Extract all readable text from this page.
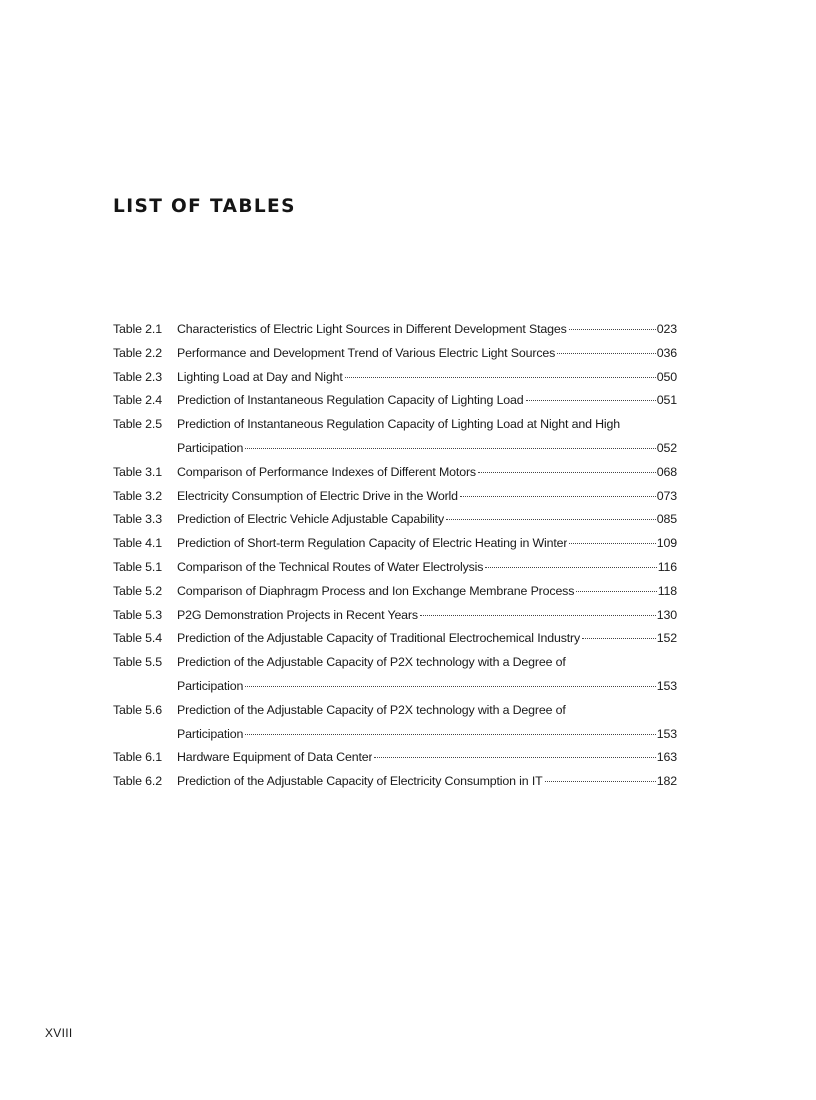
LIST OF TABLES
Table 2.1	Characteristics of Electric Light Sources in Different Development Stages	023
Table 2.2	Performance and Development Trend of Various Electric Light Sources	036
Table 2.3	Lighting Load at Day and Night	050
Table 2.4	Prediction of Instantaneous Regulation Capacity of Lighting Load	051
Table 2.5	Prediction of Instantaneous Regulation Capacity of Lighting Load at Night and High
Participation	052
Table 3.1	Comparison of Performance Indexes of Different Motors	068
Table 3.2	Electricity Consumption of Electric Drive in the World	073
Table 3.3	Prediction of Electric Vehicle Adjustable Capability	085
Table 4.1	Prediction of Short-term Regulation Capacity of Electric Heating in Winter	109
Table 5.1	Comparison of the Technical Routes of Water Electrolysis	116
Table 5.2	Comparison of Diaphragm Process and Ion Exchange Membrane Process	118
Table 5.3	P2G Demonstration Projects in Recent Years	130
Table 5.4	Prediction of the Adjustable Capacity of Traditional Electrochemical Industry	152
Table 5.5	Prediction of the Adjustable Capacity of P2X technology with a Degree of
Participation	153
Table 5.6	Prediction of the Adjustable Capacity of P2X technology with a Degree of
Participation	153
Table 6.1	Hardware Equipment of Data Center	163
Table 6.2	Prediction of the Adjustable Capacity of Electricity Consumption in IT	182
XVIII
